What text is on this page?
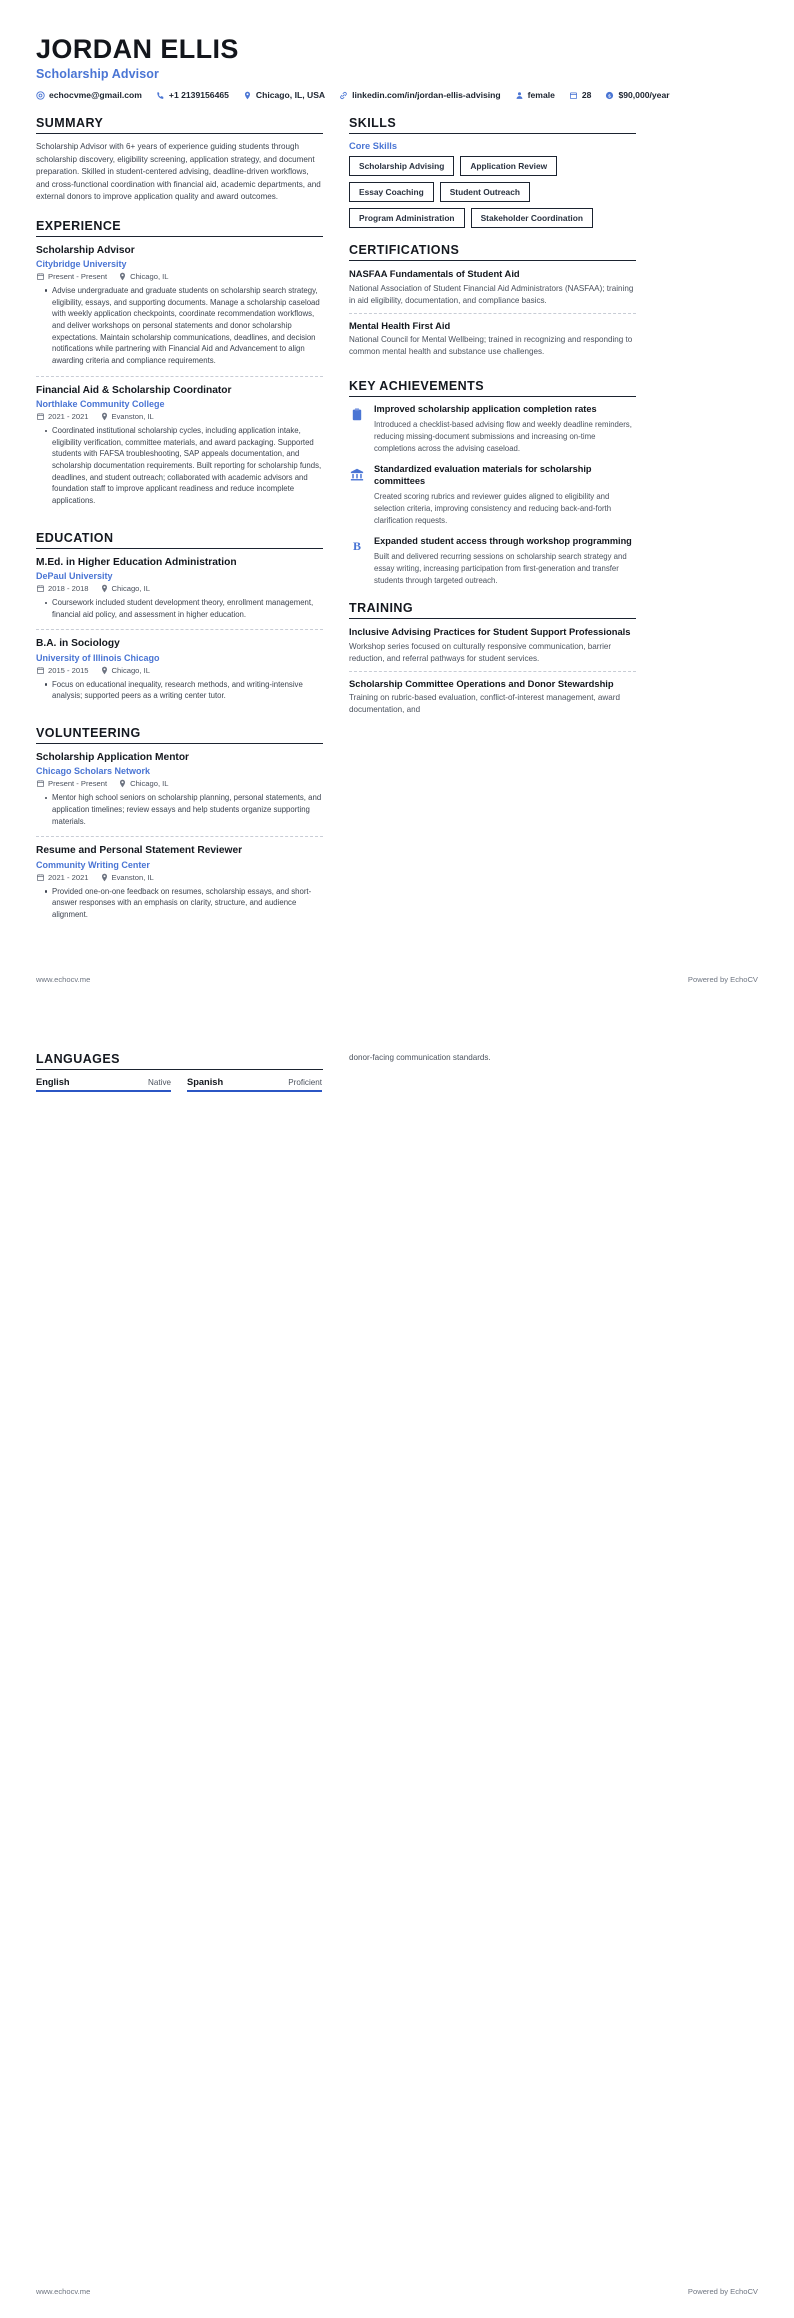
JORDAN ELLIS
Scholarship Advisor
echocvme@gmail.com	+1 2139156465	Chicago, IL, USA	linkedin.com/in/jordan-ellis-advising	female	28 $ $90,000/year
SUMMARY
Scholarship Advisor with 6+ years of experience guiding students through scholarship discovery, eligibility screening, application strategy, and document preparation. Skilled in student-centered advising, deadline-driven workflows, and cross-functional coordination with financial aid, academic departments, and external donors to improve application quality and award outcomes.
EXPERIENCE
Scholarship Advisor
Citybridge University
Present - Present	Chicago, IL
Advise undergraduate and graduate students on scholarship search strategy, eligibility, essays, and supporting documents. Manage a scholarship caseload with weekly application checkpoints, coordinate recommendation workflows, and deliver workshops on personal statements and donor scholarship expectations. Maintain scholarship communications, deadlines, and decision notifications while partnering with Financial Aid and Advancement to align awarding criteria and compliance requirements.
Financial Aid & Scholarship Coordinator
Northlake Community College
2021 - 2021	Evanston, IL
Coordinated institutional scholarship cycles, including application intake, eligibility verification, committee materials, and award packaging. Supported students with FAFSA troubleshooting, SAP appeals documentation, and scholarship documentation requirements. Built reporting for scholarship funds, deadlines, and student outreach; collaborated with academic advisors and foundation staff to improve applicant readiness and reduce incomplete applications.
EDUCATION
M.Ed. in Higher Education Administration
DePaul University
2018 - 2018	Chicago, IL
Coursework included student development theory, enrollment management, financial aid policy, and assessment in higher education.
B.A. in Sociology
University of Illinois Chicago
2015 - 2015	Chicago, IL
Focus on educational inequality, research methods, and writing-intensive analysis; supported peers as a writing center tutor.
VOLUNTEERING
Scholarship Application Mentor
Chicago Scholars Network
Present - Present	Chicago, IL
Mentor high school seniors on scholarship planning, personal statements, and application timelines; review essays and help students organize supporting materials.
Resume and Personal Statement Reviewer
Community Writing Center
2021 - 2021	Evanston, IL
Provided one-on-one feedback on resumes, scholarship essays, and short-answer responses with an emphasis on clarity, structure, and audience alignment.
SKILLS
Core Skills
Scholarship Advising	Application Review
Essay Coaching	Student Outreach
Program Administration	Stakeholder Coordination
CERTIFICATIONS
NASFAA Fundamentals of Student Aid
National Association of Student Financial Aid Administrators (NASFAA); training in aid eligibility, documentation, and compliance basics.
Mental Health First Aid
National Council for Mental Wellbeing; trained in recognizing and responding to common mental health and substance use challenges.
KEY ACHIEVEMENTS
Improved scholarship application completion rates
Introduced a checklist-based advising flow and weekly deadline reminders, reducing missing-document submissions and increasing on-time completions across the advising caseload.
Standardized evaluation materials for scholarship committees
Created scoring rubrics and reviewer guides aligned to eligibility and selection criteria, improving consistency and reducing back-and-forth clarification requests.
B Expanded student access through workshop programming
Built and delivered recurring sessions on scholarship search strategy and essay writing, increasing participation from first-generation and transfer students through targeted outreach.
TRAINING
Inclusive Advising Practices for Student Support Professionals
Workshop series focused on culturally responsive communication, barrier reduction, and referral pathways for student services.
Scholarship Committee Operations and Donor Stewardship
Training on rubric-based evaluation, conflict-of-interest management, award documentation, and
www.echocv.me	Powered by EchoCV
LANGUAGES
English	Native Spanish	Proficient
donor-facing communication standards.
www.echocv.me	Powered by EchoCV
